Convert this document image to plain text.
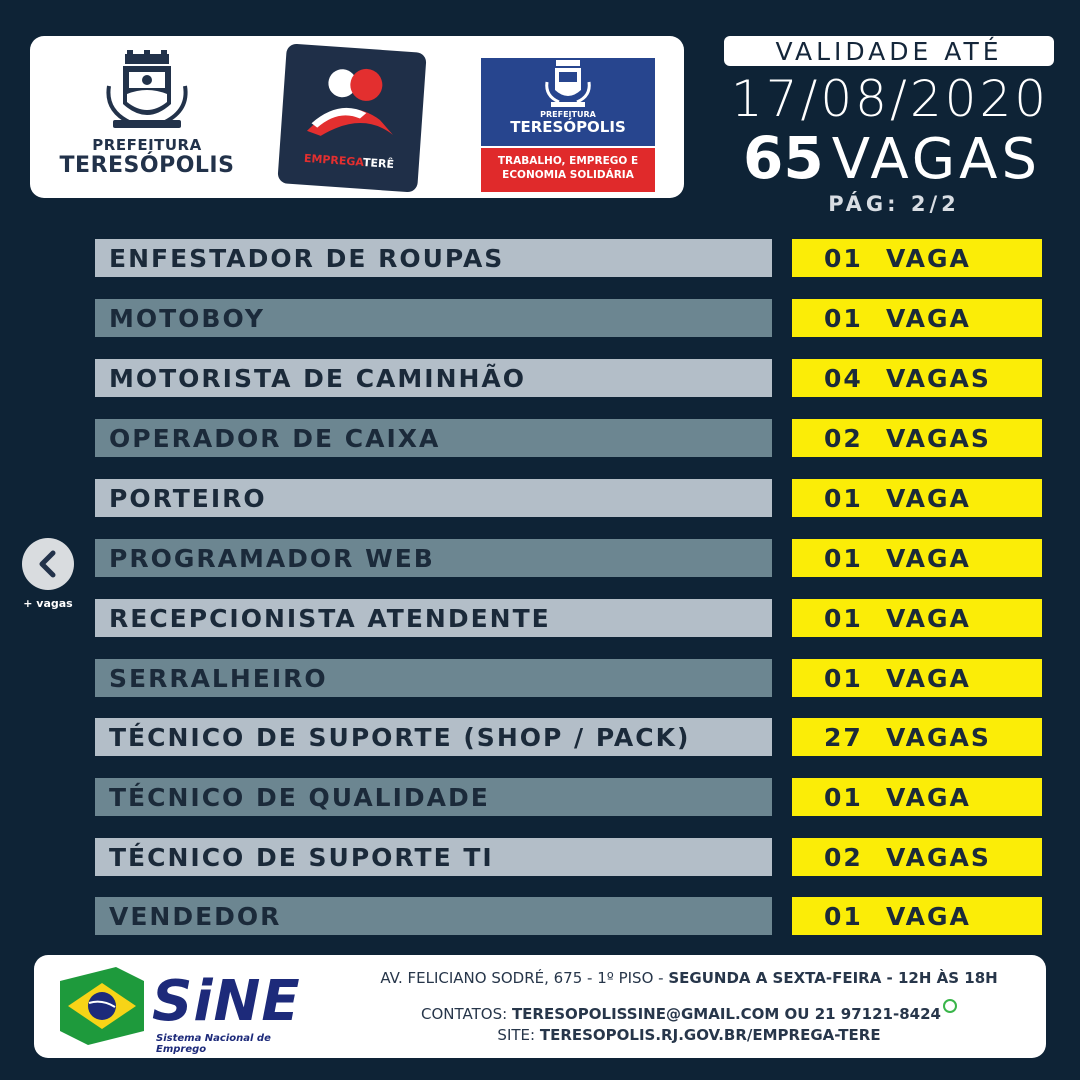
PREFEITURA
TERESÓPOLIS	EMPREGATERÊ
PREFEITURA
TERESÓPOLIS
TRABALHO, EMPREGO E
ECONOMIA SOLIDÁRIA
VALIDADE ATÉ
17/08/2020
65 VAGAS
PÁG: 2/2
ENFESTADOR DE ROUPAS	01 VAGA
MOTOBOY	01 VAGA
MOTORISTA DE CAMINHÃO	04 VAGAS
OPERADOR DE CAIXA	02 VAGAS
PORTEIRO	01 VAGA
PROGRAMADOR WEB	01 VAGA
RECEPCIONISTA ATENDENTE	01 VAGA
SERRALHEIRO	01 VAGA
TÉCNICO DE SUPORTE (SHOP / PACK)	27 VAGAS
TÉCNICO DE QUALIDADE	01 VAGA
TÉCNICO DE SUPORTE TI	02 VAGAS
VENDEDOR	01 VAGA
+ vagas
SiNE
Sistema Nacional de Emprego
AV. FELICIANO SODRÉ, 675 - 1º PISO - SEGUNDA A SEXTA-FEIRA - 12H ÀS 18H
CONTATOS: TERESOPOLISSINE@GMAIL.COM OU 21 97121-8424
SITE: TERESOPOLIS.RJ.GOV.BR/EMPREGA-TERE
